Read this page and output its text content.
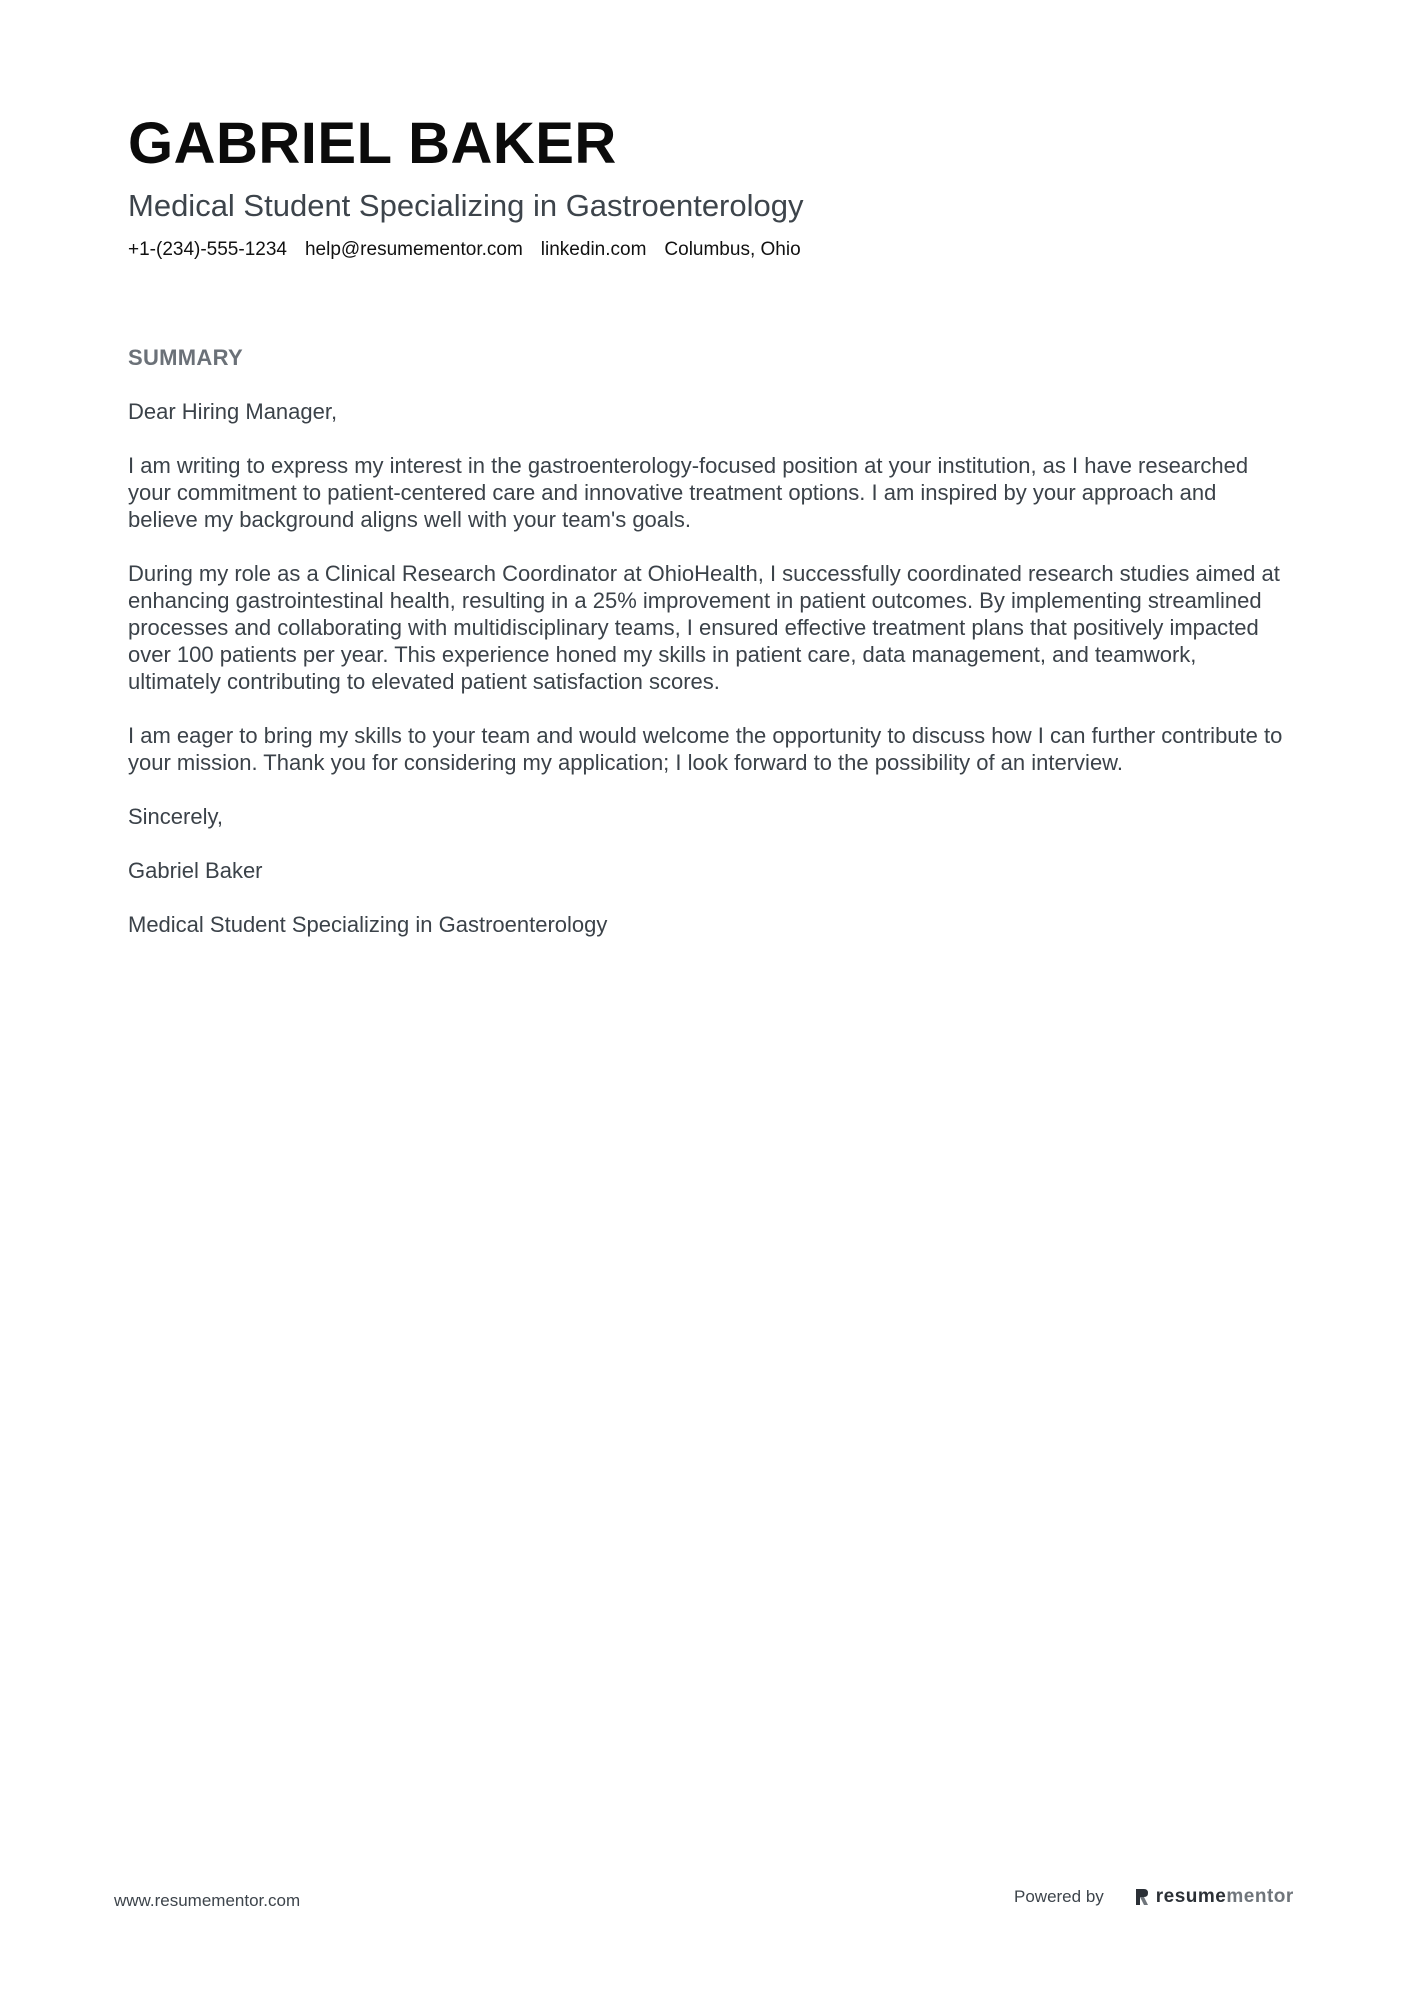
GABRIEL BAKER
Medical Student Specializing in Gastroenterology
+1-(234)-555-1234 help@resumementor.com linkedin.com Columbus, Ohio
SUMMARY

Dear Hiring Manager,

I am writing to express my interest in the gastroenterology-focused position at your institution, as I have researched your commitment to patient-centered care and innovative treatment options. I am inspired by your approach and believe my background aligns well with your team's goals.

During my role as a Clinical Research Coordinator at OhioHealth, I successfully coordinated research studies aimed at enhancing gastrointestinal health, resulting in a 25% improvement in patient outcomes. By implementing streamlined processes and collaborating with multidisciplinary teams, I ensured effective treatment plans that positively impacted over 100 patients per year. This experience honed my skills in patient care, data management, and teamwork, ultimately contributing to elevated patient satisfaction scores.

I am eager to bring my skills to your team and would welcome the opportunity to discuss how I can further contribute to your mission. Thank you for considering my application; I look forward to the possibility of an interview.

Sincerely,

Gabriel Baker

Medical Student Specializing in Gastroenterology

www.resumementor.com	Powered by	resumementor
